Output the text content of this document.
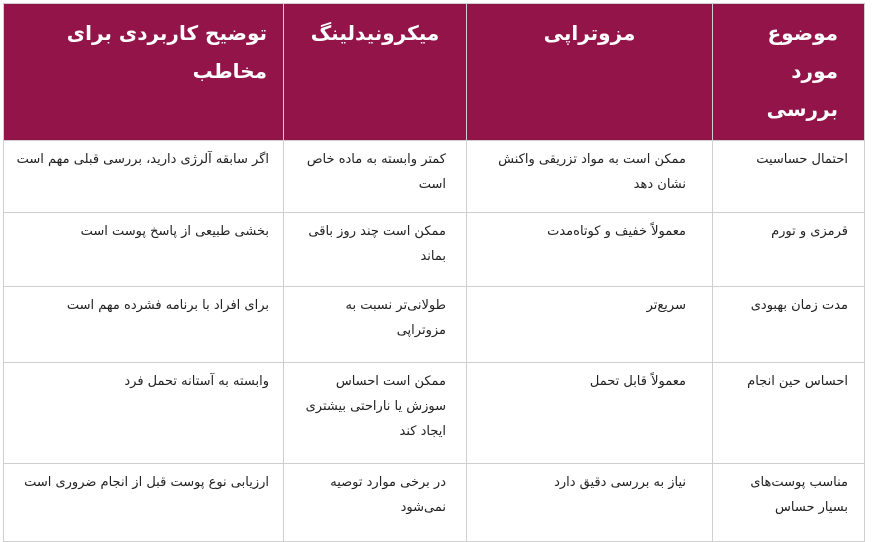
موضوع مورد بررسی	مزوتراپی	میکرونیدلینگ	توضیح کاربردی برای مخاطب
احتمال حساسیت	ممکن است به مواد تزریقی واکنش نشان دهد	کمتر وابسته به ماده خاص است	اگر سابقه آلرژی دارید، بررسی قبلی مهم است
قرمزی و تورم	معمولاً خفیف و کوتاه‌مدت	ممکن است چند روز باقی بماند	بخشی طبیعی از پاسخ پوست است
مدت زمان بهبودی	سریع‌تر	طولانی‌تر نسبت به مزوتراپی	برای افراد با برنامه فشرده مهم است
احساس حین انجام	معمولاً قابل تحمل	ممکن است احساس سوزش یا ناراحتی بیشتری ایجاد کند	وابسته به آستانه تحمل فرد
مناسب پوست‌های بسیار حساس	نیاز به بررسی دقیق دارد	در برخی موارد توصیه نمی‌شود	ارزیابی نوع پوست قبل از انجام ضروری است
